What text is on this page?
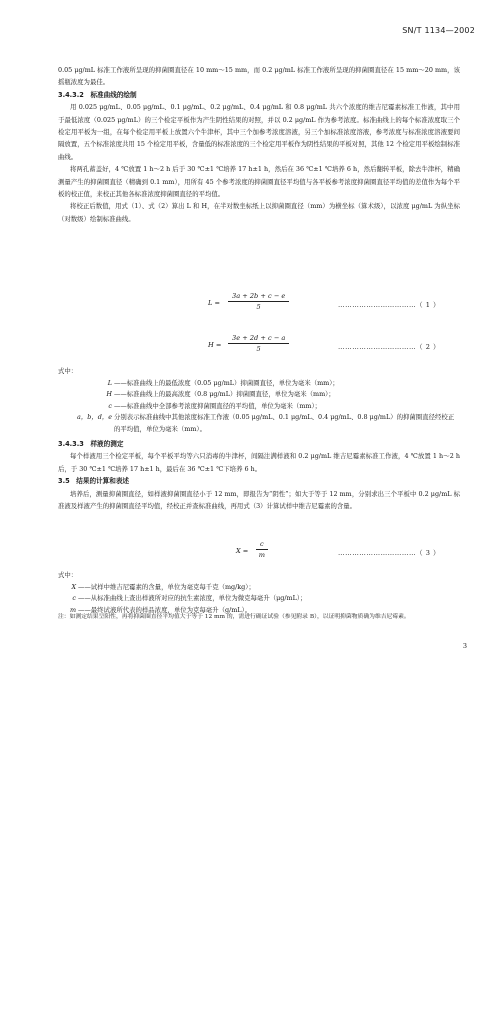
SN/T 1134—2002

0.05 μg/mL 标准工作液所呈现的抑菌圈直径在 10 mm～15 mm，而 0.2 μg/mL 标准工作液所呈现的抑菌圈直径在 15 mm～20 mm，该摇瓶浓度为最佳。

3.4.3.2　标准曲线的绘制

用 0.025 μg/mL、0.05 μg/mL、0.1 μg/mL、0.2 μg/mL、0.4 μg/mL 和 0.8 μg/mL 共六个浓度的维吉尼霉素标准工作液，其中用于最低浓度（0.025 μg/mL）的三个检定平板作为产生阴性结果的对照，并以 0.2 μg/mL 作为参考浓度。标准曲线上的每个标准浓度取三个检定用平板为一组，在每个检定用平板上放置六个牛津杯，其中三个加参考浓度溶液，另三个加标准浓度溶液，参考浓度与标准浓度溶液要间隔放置，五个标准浓度共用 15 个检定用平板，含量低的标准浓度的三个检定用平板作为阴性结果的平板对照，其他 12 个检定用平板绘制标准曲线。

将两孔蓄盖好，4 ℃放置 1 h～2 h 后于 30 ℃±1 ℃培养 17 h±1 h，然后在 36 ℃±1 ℃培养 6 h，然后翻转平板，除去牛津杯，精确测量产生的抑菌圈直径（精确到 0.1 mm），用所有 45 个参考浓度的抑菌圈直径平均值与各平板参考浓度抑菌圈直径平均值的差值作为每个平板的校正值，来校正其他各标准浓度抑菌圈直径的平均值。

将校正后数值，用式（1）、式（2）算出 L 和 H，在半对数坐标纸上以抑菌圈直径（mm）为横坐标（算术级），以浓度 μg/mL 为纵坐标（对数级）绘制标准曲线。

$L = \frac{3a + 2b + c - e}{5}$	……………………………（ 1 ）
$H = \frac{3e + 2d + c - a}{5}$	……………………………（ 2 ）
式中：
L ——标准曲线上的最低浓度（0.05 μg/mL）抑菌圈直径，单位为毫米（mm）；
H ——标准曲线上的最高浓度（0.8 μg/mL）抑菌圈直径，单位为毫米（mm）；
c ——标准曲线中全部参考浓度抑菌圈直径的平均值，单位为毫米（mm）；
a，b，d，e 分别表示标准曲线中其他浓度标准工作液（0.05 μg/mL、0.1 μg/mL、0.4 μg/mL、0.8 μg/mL）的抑菌圈直径经校正的平均值，单位为毫米（mm）。

3.4.3.3　样液的测定

每个样液用三个检定平板，每个平板平均等六只消毒的牛津杯，间隔注满样液和 0.2 μg/mL 维吉尼霉素标准工作液，4 ℃放置 1 h～2 h 后，于 30 ℃±1 ℃培养 17 h±1 h，最后在 36 ℃±1 ℃下培养 6 h。

3.5　结果的计算和表述

培养后，测量抑菌圈直径，如样液抑菌圈直径小于 12 mm，即报告为“阴性”；如大于等于 12 mm，分别求出三个平板中 0.2 μg/mL 标准液及样液产生的抑菌圈直径平均值，经校正并查标准曲线，再用式（3）计算试样中维吉尼霉素的含量。

$X = \frac{c}{m}$	……………………………（ 3 ）
式中：
X ——试样中维吉尼霉素的含量，单位为毫克每千克（mg/kg）；
c ——从标准曲线上查出样液所对应的抗生素浓度，单位为微克每毫升（μg/mL）；
m ——最终试液所代表的样品浓度，单位为克每毫升（g/mL）。
注：如测定结果呈阳性，再将抑菌圈直径平均值大于等于 12 mm 的，需进行确证试验（参见附录 B），以证明抑菌物质确为维吉尼霉素。
3
